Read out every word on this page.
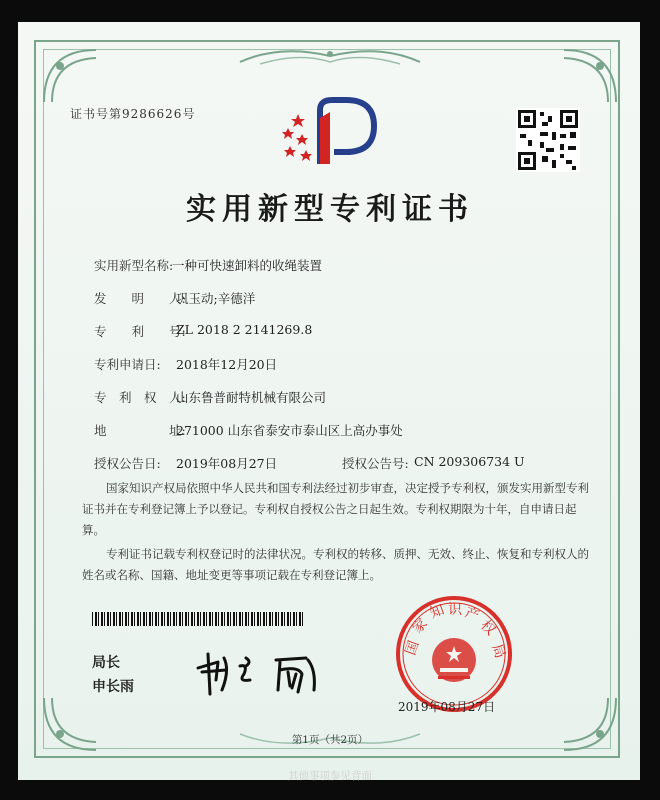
证书号第9286626号
实用新型专利证书
实用新型名称:
一种可快速卸料的收绳装置
发　　明　　人:
巩玉动;辛德洋
专　　利　　号:
ZL 2018 2 2141269.8
专利申请日: 2018年12月20日
专　利　权　人:
山东鲁普耐特机械有限公司
地　　　　　址:
271000 山东省泰安市泰山区上高办事处
授权公告日: 2019年08月27日	授权公告号: CN 209306734 U
国家知识产权局依照中华人民共和国专利法经过初步审查，决定授予专利权，颁发实用新型专利证书并在专利登记簿上予以登记。专利权自授权公告之日起生效。专利权期限为十年，自申请日起算。
专利证书记载专利权登记时的法律状况。专利权的转移、质押、无效、终止、恢复和专利权人的姓名或名称、国籍、地址变更等事项记载在专利登记簿上。
局长
申长雨
国
家
知 识 产
权
局
2019年08月27日
第1页（共2页）
其他事项参见背面
